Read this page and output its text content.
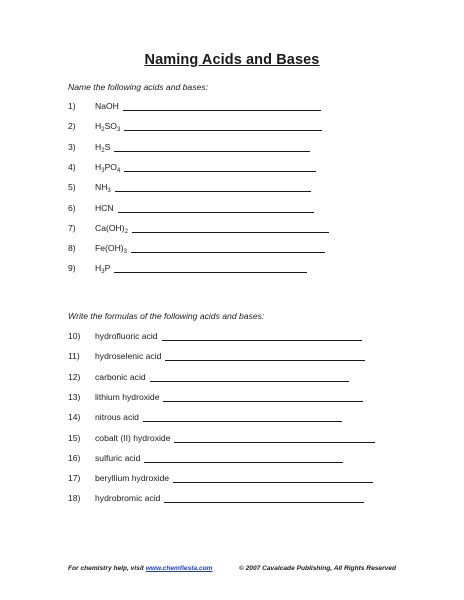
Naming Acids and Bases
Name the following acids and bases:
1) NaOH
2) $H_2SO_3$
3) $H_2S$
4) $H_3PO_4$
5) $NH_3$
6) HCN
7) $Ca(OH)_2$
8) $Fe(OH)_3$
9) $H_3P$
Write the formulas of the following acids and bases:
10) hydrofluoric acid
11) hydroselenic acid
12) carbonic acid
13) lithium hydroxide
14) nitrous acid
15) cobalt (II) hydroxide
16) sulfuric acid
17) beryllium hydroxide
18) hydrobromic acid
For chemistry help, visit www.chemfiesta.com	© 2007 Cavalcade Publishing, All Rights Reserved
